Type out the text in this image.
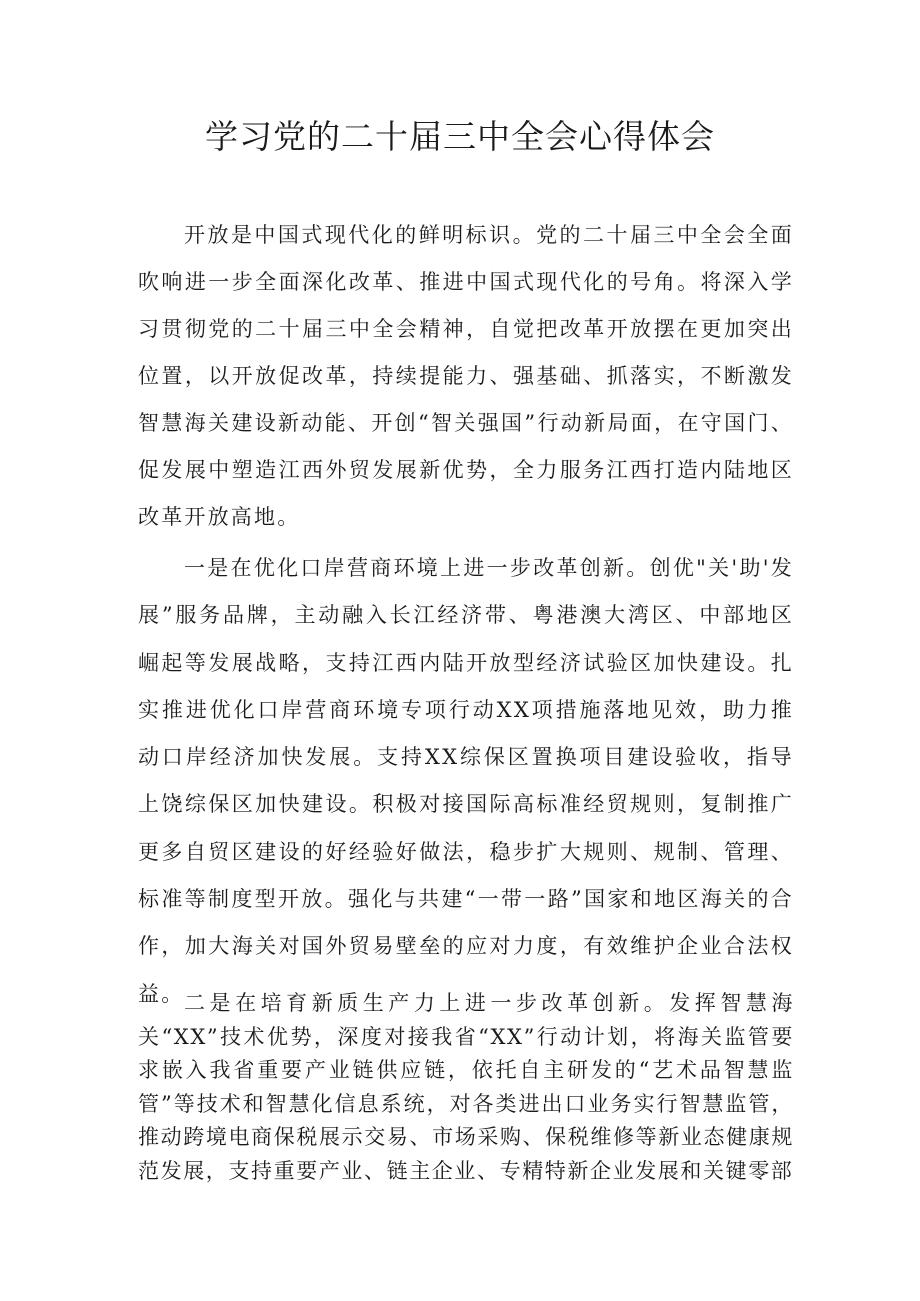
学习党的二十届三中全会心得体会

开放是中国式现代化的鲜明标识。党的二十届三中全会全面吹响进一步全面深化改革、推进中国式现代化的号角。将深入学习贯彻党的二十届三中全会精神，自觉把改革开放摆在更加突出位置，以开放促改革，持续提能力、强基础、抓落实，不断激发智慧海关建设新动能、开创“智关强国”行动新局面，在守国门、促发展中塑造江西外贸发展新优势，全力服务江西打造内陆地区改革开放高地。

一是在优化口岸营商环境上进一步改革创新。创优"关'助'发展”服务品牌，主动融入长江经济带、粤港澳大湾区、中部地区崛起等发展战略，支持江西内陆开放型经济试验区加快建设。扎实推进优化口岸营商环境专项行动XX项措施落地见效，助力推动口岸经济加快发展。支持XX综保区置换项目建设验收，指导上饶综保区加快建设。积极对接国际高标准经贸规则，复制推广更多自贸区建设的好经验好做法，稳步扩大规则、规制、管理、标准等制度型开放。强化与共建“一带一路”国家和地区海关的合作，加大海关对国外贸易壁垒的应对力度，有效维护企业合法权益。 二是在培育新质生产力上进一步改革创新。发挥智慧海关“XX”技术优势，深度对接我省“XX”行动计划，将海关监管要求嵌入我省重要产业链供应链，依托自主研发的“艺术品智慧监管”等技术和智慧化信息系统，对各类进出口业务实行智慧监管，推动跨境电商保税展示交易、市场采购、保税维修等新业态健康规范发展，支持重要产业、链主企业、专精特新企业发展和关键零部
